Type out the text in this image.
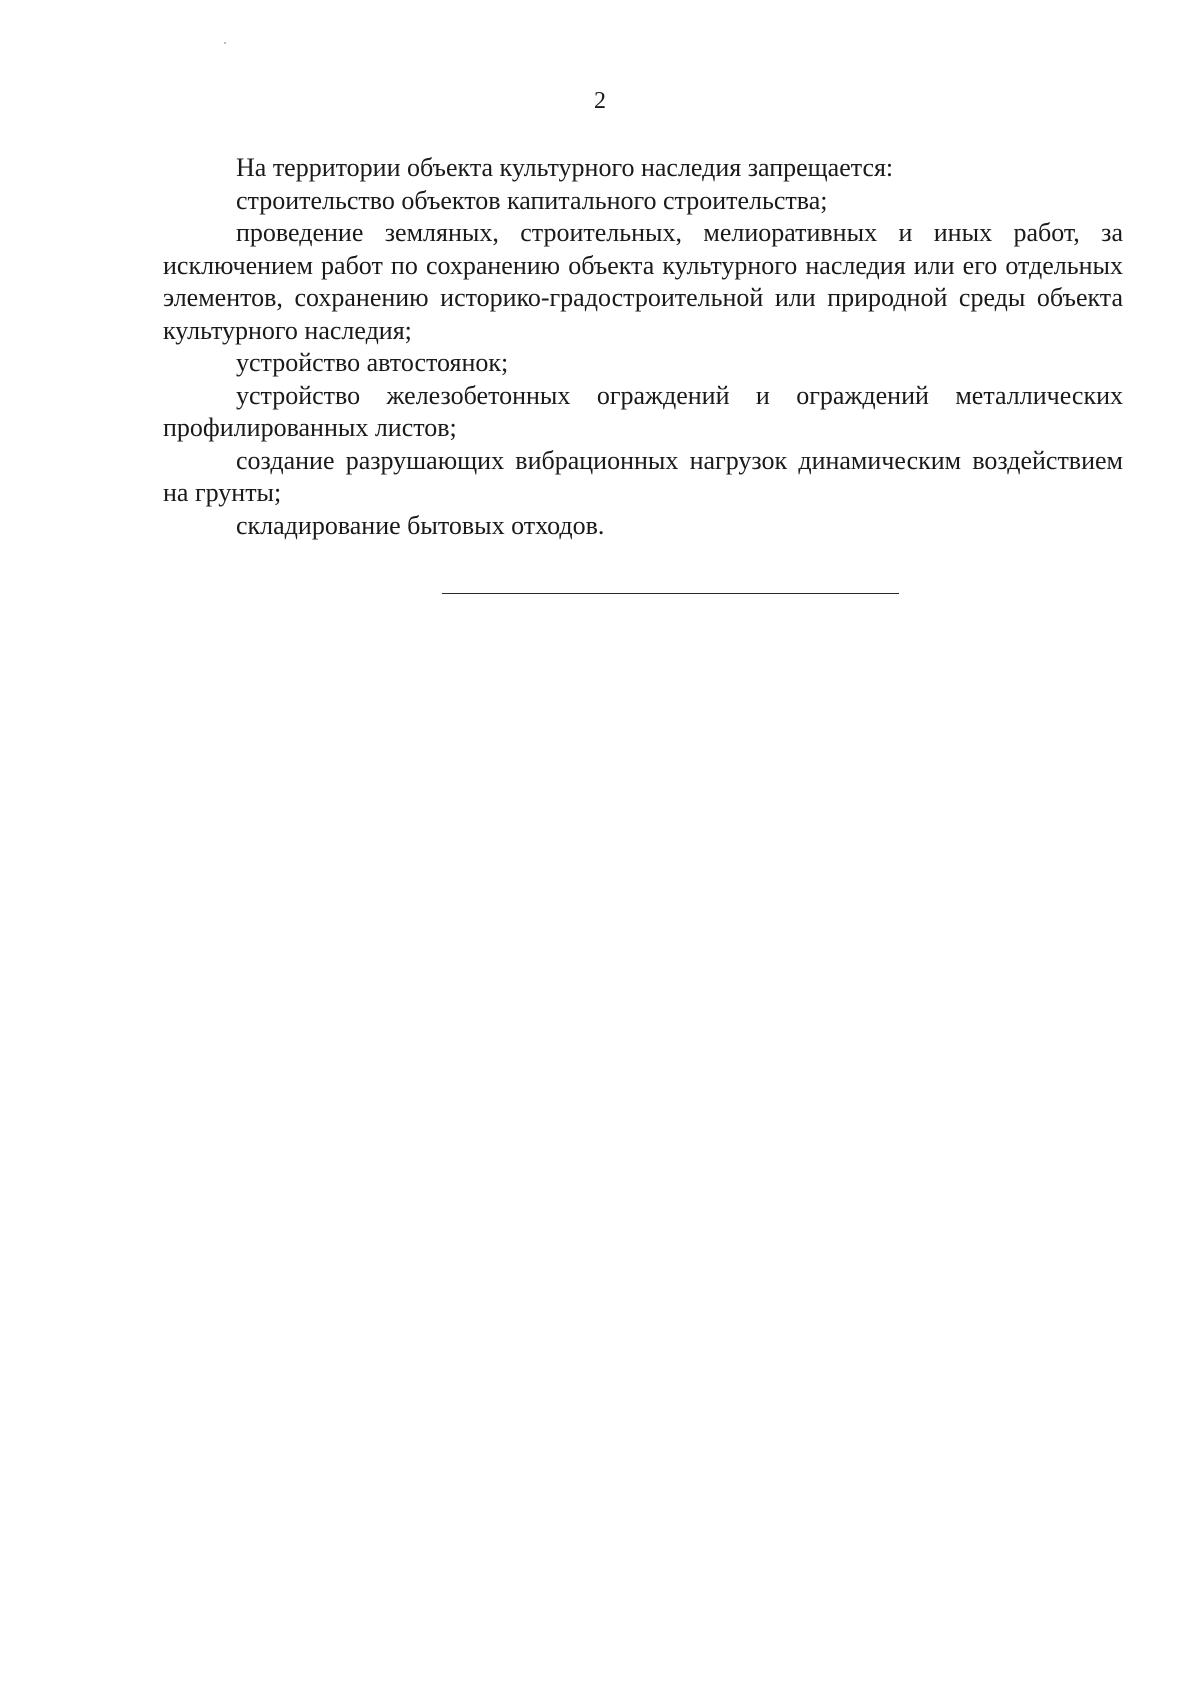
2

На территории объекта культурного наследия запрещается:

строительство объектов капитального строительства;

проведение земляных, строительных, мелиоративных и иных работ, за исключением работ по сохранению объекта культурного наследия или его отдельных элементов, сохранению историко-градостроительной или природной среды объекта культурного наследия;

устройство автостоянок;

устройство железобетонных ограждений и ограждений металлических профилированных листов;

создание разрушающих вибрационных нагрузок динамическим воздействием на грунты;

складирование бытовых отходов.
